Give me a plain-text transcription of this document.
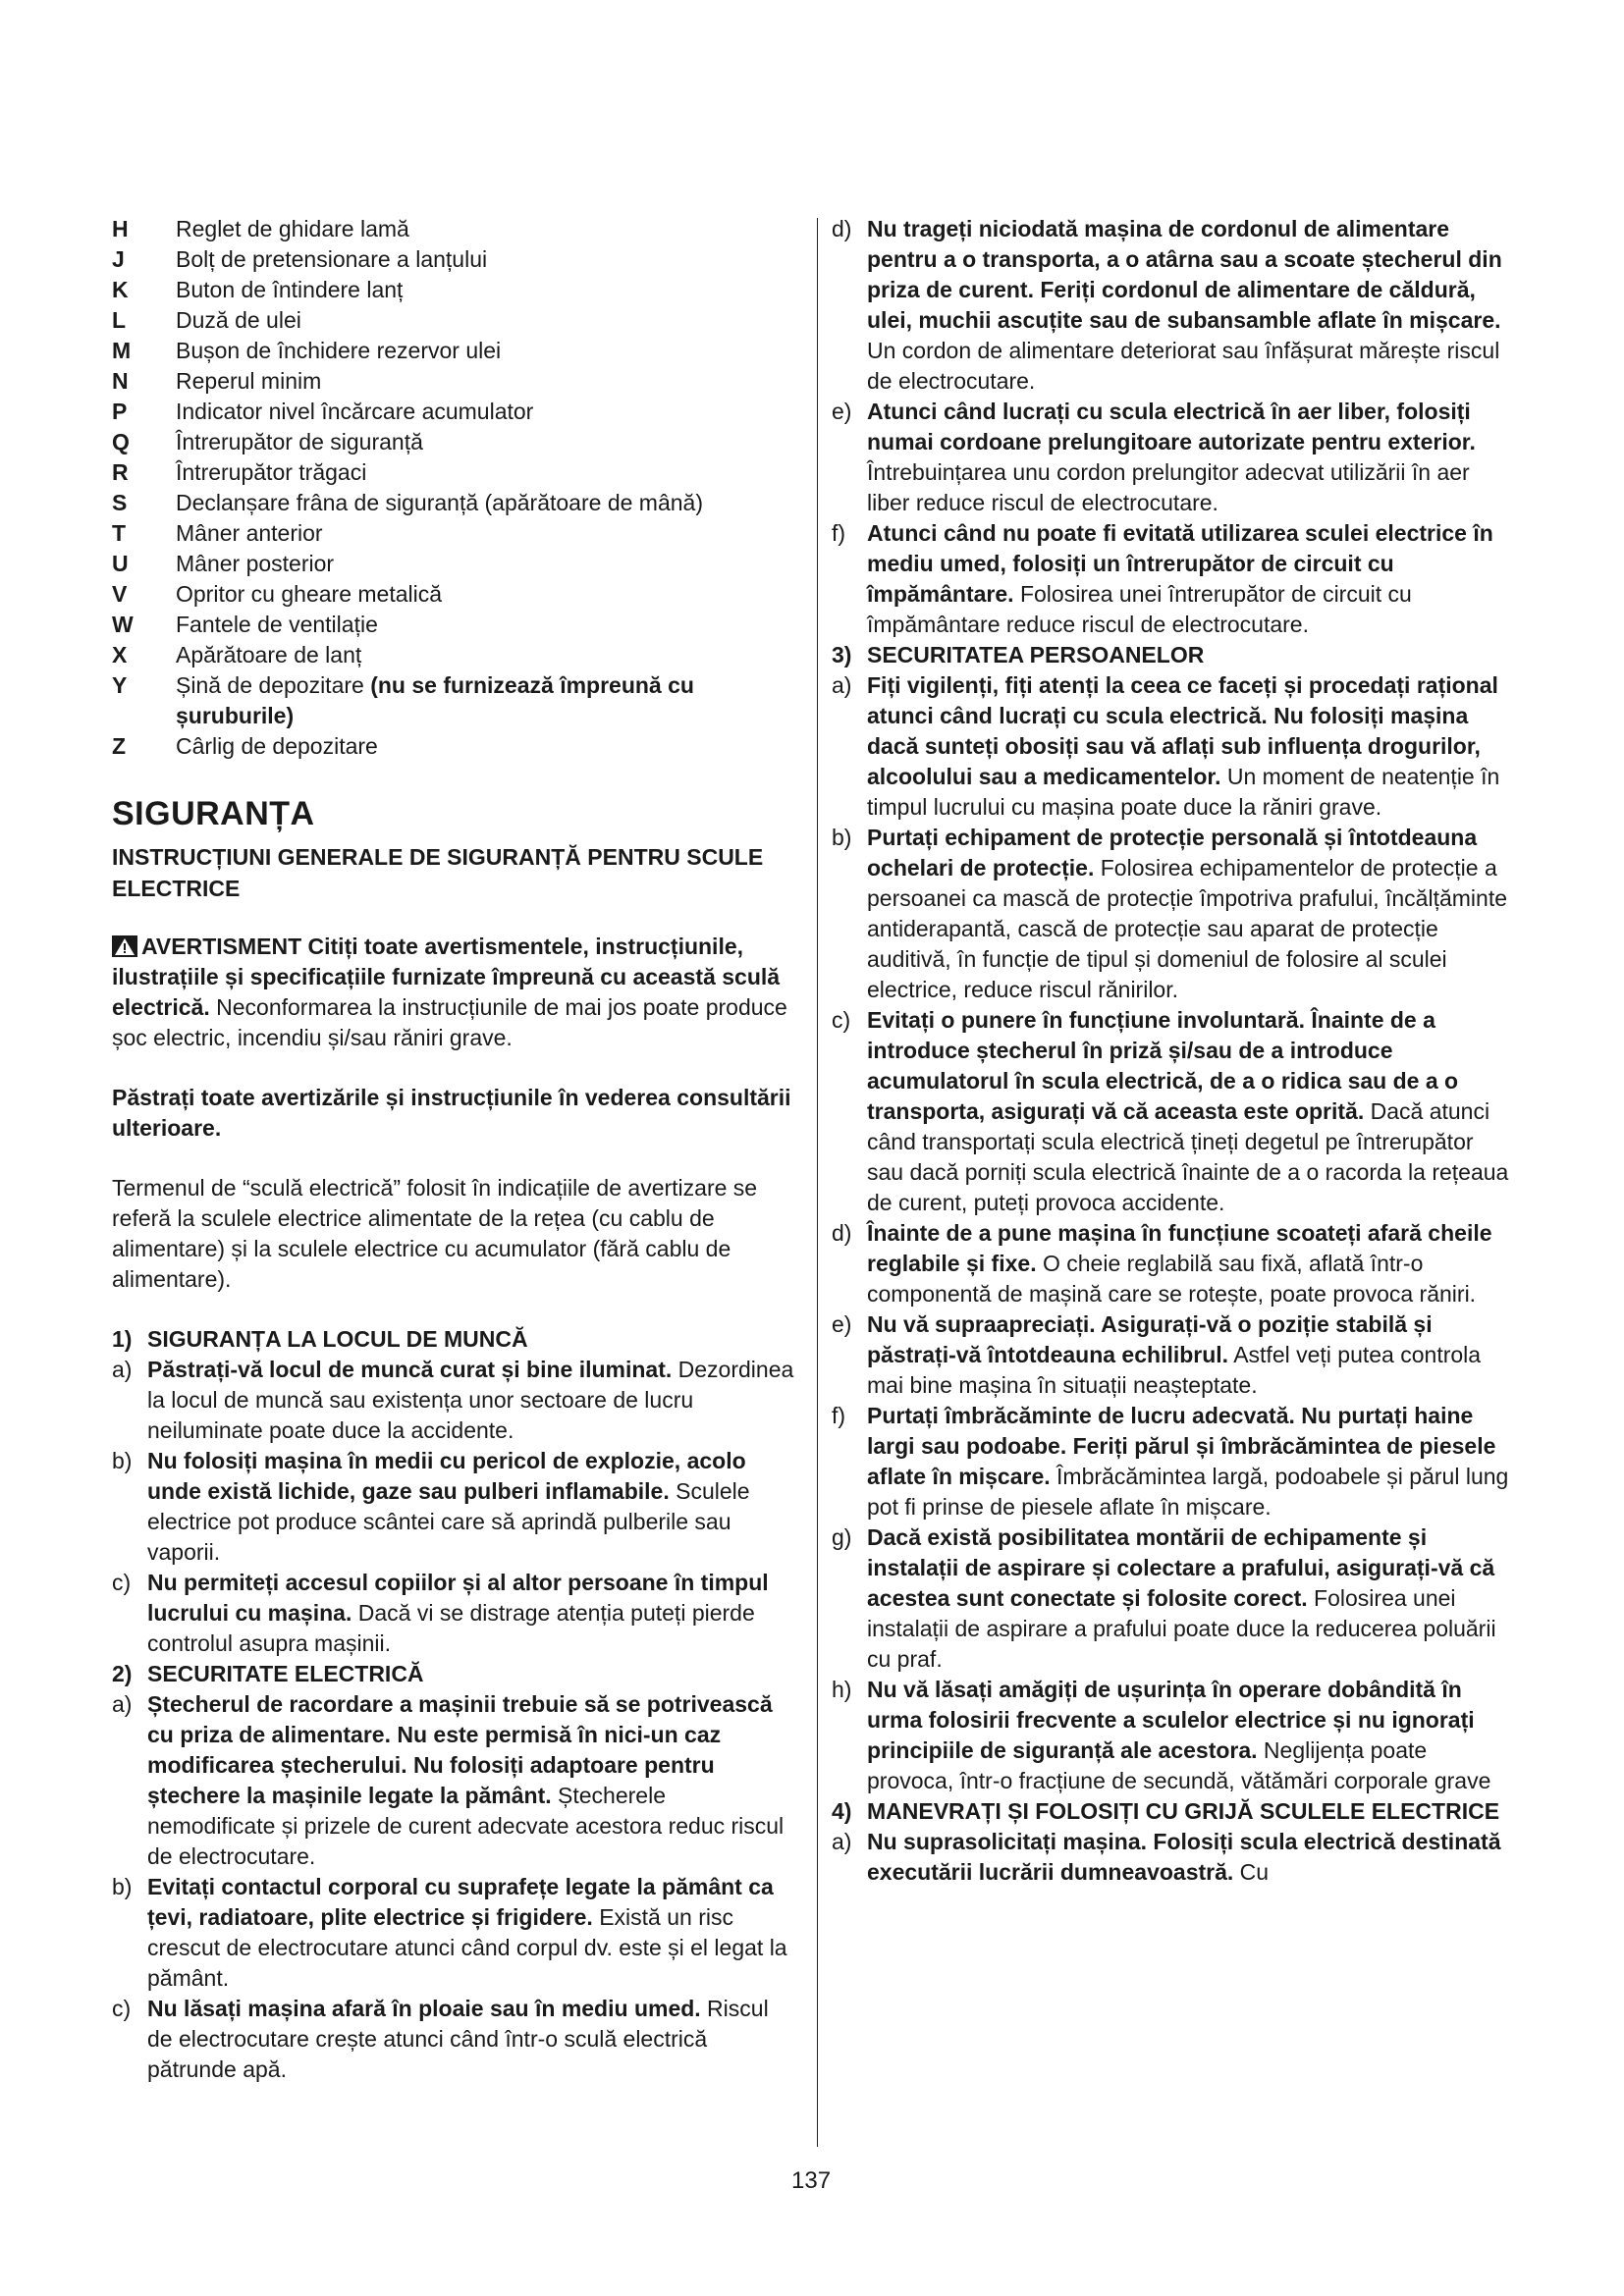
H	Reglet de ghidare lamă
J	Bolț de pretensionare a lanțului
K	Buton de întindere lanț
L	Duză de ulei
M	Bușon de închidere rezervor ulei
N	Reperul minim
P	Indicator nivel încărcare acumulator
Q	Întrerupător de siguranță
R	Întrerupător trăgaci
S	Declanșare frâna de siguranță (apărătoare de mână)
T	Mâner anterior
U	Mâner posterior
V	Opritor cu gheare metalică
W	Fantele de ventilație
X	Apărătoare de lanț
Y	Șină de depozitare (nu se furnizează împreună cu șuruburile)
Z	Cârlig de depozitare
SIGURANȚA
INSTRUCȚIUNI GENERALE DE SIGURANȚĂ PENTRU SCULE ELECTRICE
AVERTISMENT Citiți toate avertismentele, instrucțiunile, ilustrațiile și specificațiile furnizate împreună cu această sculă electrică. Neconformarea la instrucțiunile de mai jos poate produce șoc electric, incendiu și/sau răniri grave.
Păstrați toate avertizările și instrucțiunile în vederea consultării ulterioare.
Termenul de “sculă electrică” folosit în indicațiile de avertizare se referă la sculele electrice alimentate de la rețea (cu cablu de alimentare) și la sculele electrice cu acumulator (fără cablu de alimentare).
1) SIGURANȚA LA LOCUL DE MUNCĂ
a) Păstrați-vă locul de muncă curat și bine iluminat. Dezordinea la locul de muncă sau existența unor sectoare de lucru neiluminate poate duce la accidente.
b) Nu folosiți mașina în medii cu pericol de explozie, acolo unde există lichide, gaze sau pulberi inflamabile. Sculele electrice pot produce scântei care să aprindă pulberile sau vaporii.
c) Nu permiteți accesul copiilor și al altor persoane în timpul lucrului cu mașina. Dacă vi se distrage atenția puteți pierde controlul asupra mașinii.
2) SECURITATE ELECTRICĂ
a) Ștecherul de racordare a mașinii trebuie să se potrivească cu priza de alimentare. Nu este permisă în nici-un caz modificarea ștecherului. Nu folosiți adaptoare pentru ștechere la mașinile legate la pământ. Ștecherele nemodificate și prizele de curent adecvate acestora reduc riscul de electrocutare.
b) Evitați contactul corporal cu suprafețe legate la pământ ca țevi, radiatoare, plite electrice și frigidere. Există un risc crescut de electrocutare atunci când corpul dv. este și el legat la pământ.
c) Nu lăsați mașina afară în ploaie sau în mediu umed. Riscul de electrocutare crește atunci când într-o sculă electrică pătrunde apă.
d) Nu trageți niciodată mașina de cordonul de alimentare pentru a o transporta, a o atârna sau a scoate ștecherul din priza de curent. Feriți cordonul de alimentare de căldură, ulei, muchii ascuțite sau de subansamble aflate în mișcare. Un cordon de alimentare deteriorat sau înfășurat mărește riscul de electrocutare.
e) Atunci când lucrați cu scula electrică în aer liber, folosiți numai cordoane prelungitoare autorizate pentru exterior. Întrebuințarea unu cordon prelungitor adecvat utilizării în aer liber reduce riscul de electrocutare.
f) Atunci când nu poate fi evitată utilizarea sculei electrice în mediu umed, folosiți un întrerupător de circuit cu împământare. Folosirea unei întrerupător de circuit cu împământare reduce riscul de electrocutare.
3) SECURITATEA PERSOANELOR
a) Fiți vigilenți, fiți atenți la ceea ce faceți și procedați rațional atunci când lucrați cu scula electrică. Nu folosiți mașina dacă sunteți obosiți sau vă aflați sub influența drogurilor, alcoolului sau a medicamentelor. Un moment de neatenție în timpul lucrului cu mașina poate duce la răniri grave.
b) Purtați echipament de protecție personală și întotdeauna ochelari de protecție. Folosirea echipamentelor de protecție a persoanei ca mască de protecție împotriva prafului, încălțăminte antiderapantă, cască de protecție sau aparat de protecție auditivă, în funcție de tipul și domeniul de folosire al sculei electrice, reduce riscul rănirilor.
c) Evitați o punere în funcțiune involuntară. Înainte de a introduce ștecherul în priză și/sau de a introduce acumulatorul în scula electrică, de a o ridica sau de a o transporta, asigurați vă că aceasta este oprită. Dacă atunci când transportați scula electrică țineți degetul pe întrerupător sau dacă porniți scula electrică înainte de a o racorda la rețeaua de curent, puteți provoca accidente.
d) Înainte de a pune mașina în funcțiune scoateți afară cheile reglabile și fixe. O cheie reglabilă sau fixă, aflată într-o componentă de mașină care se rotește, poate provoca răniri.
e) Nu vă supraapreciați. Asigurați-vă o poziție stabilă și păstrați-vă întotdeauna echilibrul. Astfel veți putea controla mai bine mașina în situații neașteptate.
f) Purtați îmbrăcăminte de lucru adecvată. Nu purtați haine largi sau podoabe. Feriți părul și îmbrăcămintea de piesele aflate în mișcare. Îmbrăcămintea largă, podoabele și părul lung pot fi prinse de piesele aflate în mișcare.
g) Dacă există posibilitatea montării de echipamente și instalații de aspirare și colectare a prafului, asigurați-vă că acestea sunt conectate și folosite corect. Folosirea unei instalații de aspirare a prafului poate duce la reducerea poluării cu praf.
h) Nu vă lăsați amăgiți de ușurința în operare dobândită în urma folosirii frecvente a sculelor electrice și nu ignorați principiile de siguranță ale acestora. Neglijența poate provoca, într-o fracțiune de secundă, vătămări corporale grave
4) MANEVRAȚI ȘI FOLOSIȚI CU GRIJĂ SCULELE ELECTRICE
a) Nu suprasolicitați mașina. Folosiți scula electrică destinată executării lucrării dumneavoastră. Cu
137
